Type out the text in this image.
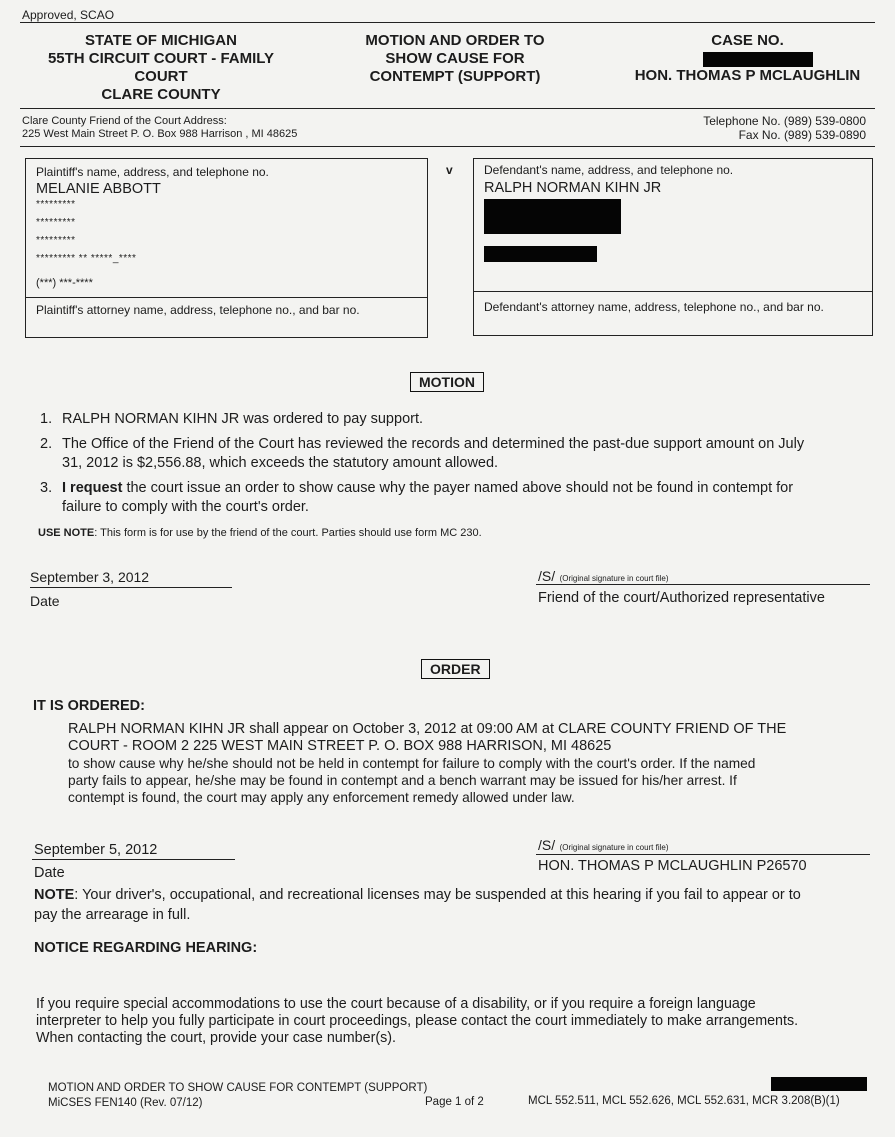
Approved, SCAO
STATE OF MICHIGAN
55TH CIRCUIT COURT - FAMILY
COURT
CLARE COUNTY
MOTION AND ORDER TO
SHOW CAUSE FOR
CONTEMPT (SUPPORT)
CASE NO.
HON. THOMAS P MCLAUGHLIN
Clare County Friend of the Court Address:
225 West Main Street P. O. Box 988 Harrison , MI 48625
Telephone No. (989) 539-0800
Fax No. (989) 539-0890
Plaintiff's name, address, and telephone no.
MELANIE ABBOTT
*********
*********
*********
********* ** *****_****
(***) ***-****
Plaintiff's attorney name, address, telephone no., and bar no.
v	Defendant's name, address, and telephone no.
RALPH NORMAN KIHN JR
Defendant's attorney name, address, telephone no., and bar no.
MOTION
1. RALPH NORMAN KIHN JR was ordered to pay support.
2. The Office of the Friend of the Court has reviewed the records and determined the past-due support amount on July
31, 2012 is $2,556.88, which exceeds the statutory amount allowed.
3. I request the court issue an order to show cause why the payer named above should not be found in contempt for
failure to comply with the court's order.
USE NOTE: This form is for use by the friend of the court. Parties should use form MC 230.
September 3, 2012
Date
/S/ (Original signature in court file)
Friend of the court/Authorized representative
ORDER
IT IS ORDERED:
RALPH NORMAN KIHN JR shall appear on October 3, 2012 at 09:00 AM at CLARE COUNTY FRIEND OF THE
COURT - ROOM 2 225 WEST MAIN STREET P. O. BOX 988 HARRISON, MI 48625
to show cause why he/she should not be held in contempt for failure to comply with the court's order. If the named
party fails to appear, he/she may be found in contempt and a bench warrant may be issued for his/her arrest. If
contempt is found, the court may apply any enforcement remedy allowed under law.
September 5, 2012
Date
/S/ (Original signature in court file)
HON. THOMAS P MCLAUGHLIN P26570
NOTE: Your driver's, occupational, and recreational licenses may be suspended at this hearing if you fail to appear or to
pay the arrearage in full.
NOTICE REGARDING HEARING:
If you require special accommodations to use the court because of a disability, or if you require a foreign language
interpreter to help you fully participate in court proceedings, please contact the court immediately to make arrangements.
When contacting the court, provide your case number(s).
MOTION AND ORDER TO SHOW CAUSE FOR CONTEMPT (SUPPORT)
MiCSES FEN140 (Rev. 07/12)	Page 1 of 2	MCL 552.511, MCL 552.626, MCL 552.631, MCR 3.208(B)(1)
